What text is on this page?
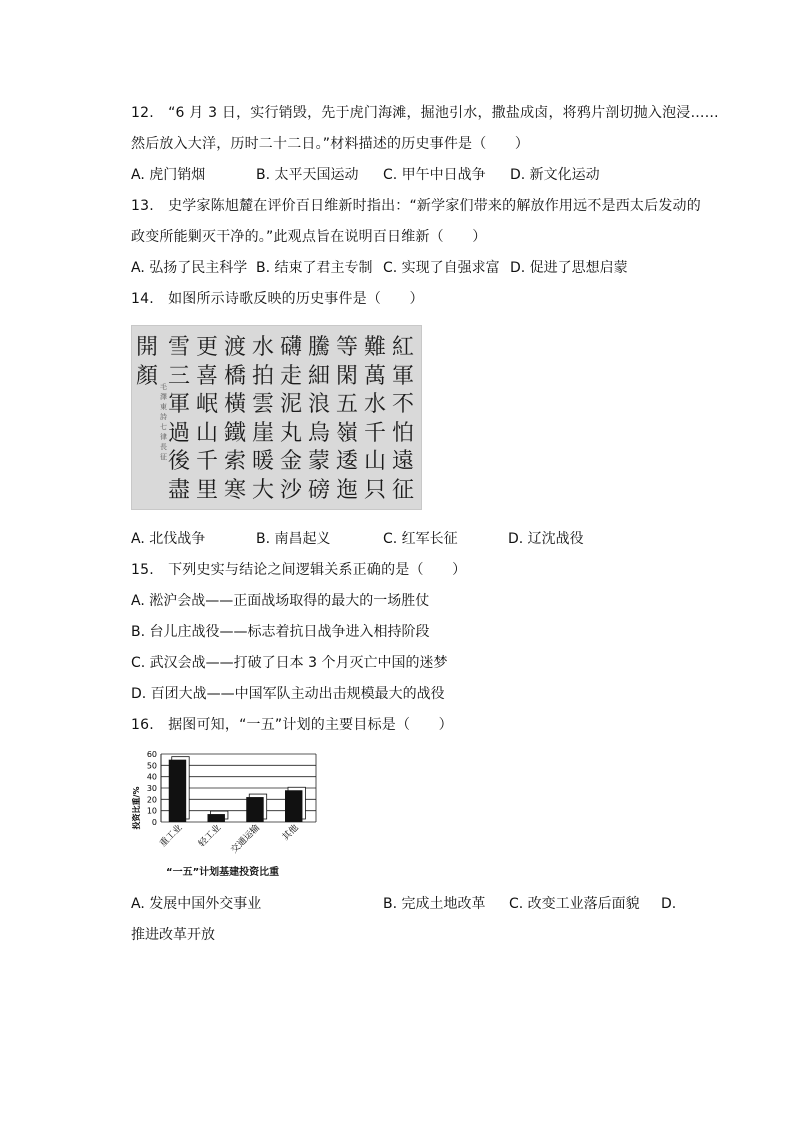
12.　“6 月 3 日，实行销毁，先于虎门海滩，掘池引水，撒盐成卤，将鸦片剖切抛入泡浸……
然后放入大洋，历时二十二日。”材料描述的历史事件是（　　）
A. 虎门销烟	B. 太平天国运动 C. 甲午中日战争 D. 新文化运动
13.　史学家陈旭麓在评价百日维新时指出：“新学家们带来的解放作用远不是西太后发动的
政变所能剿灭干净的。”此观点旨在说明百日维新（　　）
A. 弘扬了民主科学 B. 结束了君主专制 C. 实现了自强求富 D. 促进了思想启蒙
14.　如图所示诗歌反映的历史事件是（　　）
紅軍不怕遠征
難萬水千山只
等閑五嶺逶迤
騰細浪烏蒙磅
礴走泥丸金沙
水拍雲崖暖大
渡橋橫鐵索寒
更喜岷山千里
雪三軍過後盡
開顏 毛澤東詩七律長征
A. 北伐战争	B. 南昌起义	C. 红军长征	D. 辽沈战役
15.　下列史实与结论之间逻辑关系正确的是（　　）
A. 淞沪会战——正面战场取得的最大的一场胜仗
B. 台儿庄战役——标志着抗日战争进入相持阶段
C. 武汉会战——打破了日本 3 个月灭亡中国的迷梦
D. 百团大战——中国军队主动出击规模最大的战役
16.　据图可知，“一五”计划的主要目标是（　　）
0
10
20
30
40
50
60
重工业 轻工业 交通运输 其他
投资比重/%
“一五”计划基建投资比重
A. 发展中国外交事业	B. 完成土地改革 C. 改变工业落后面貌 D.
推进改革开放
